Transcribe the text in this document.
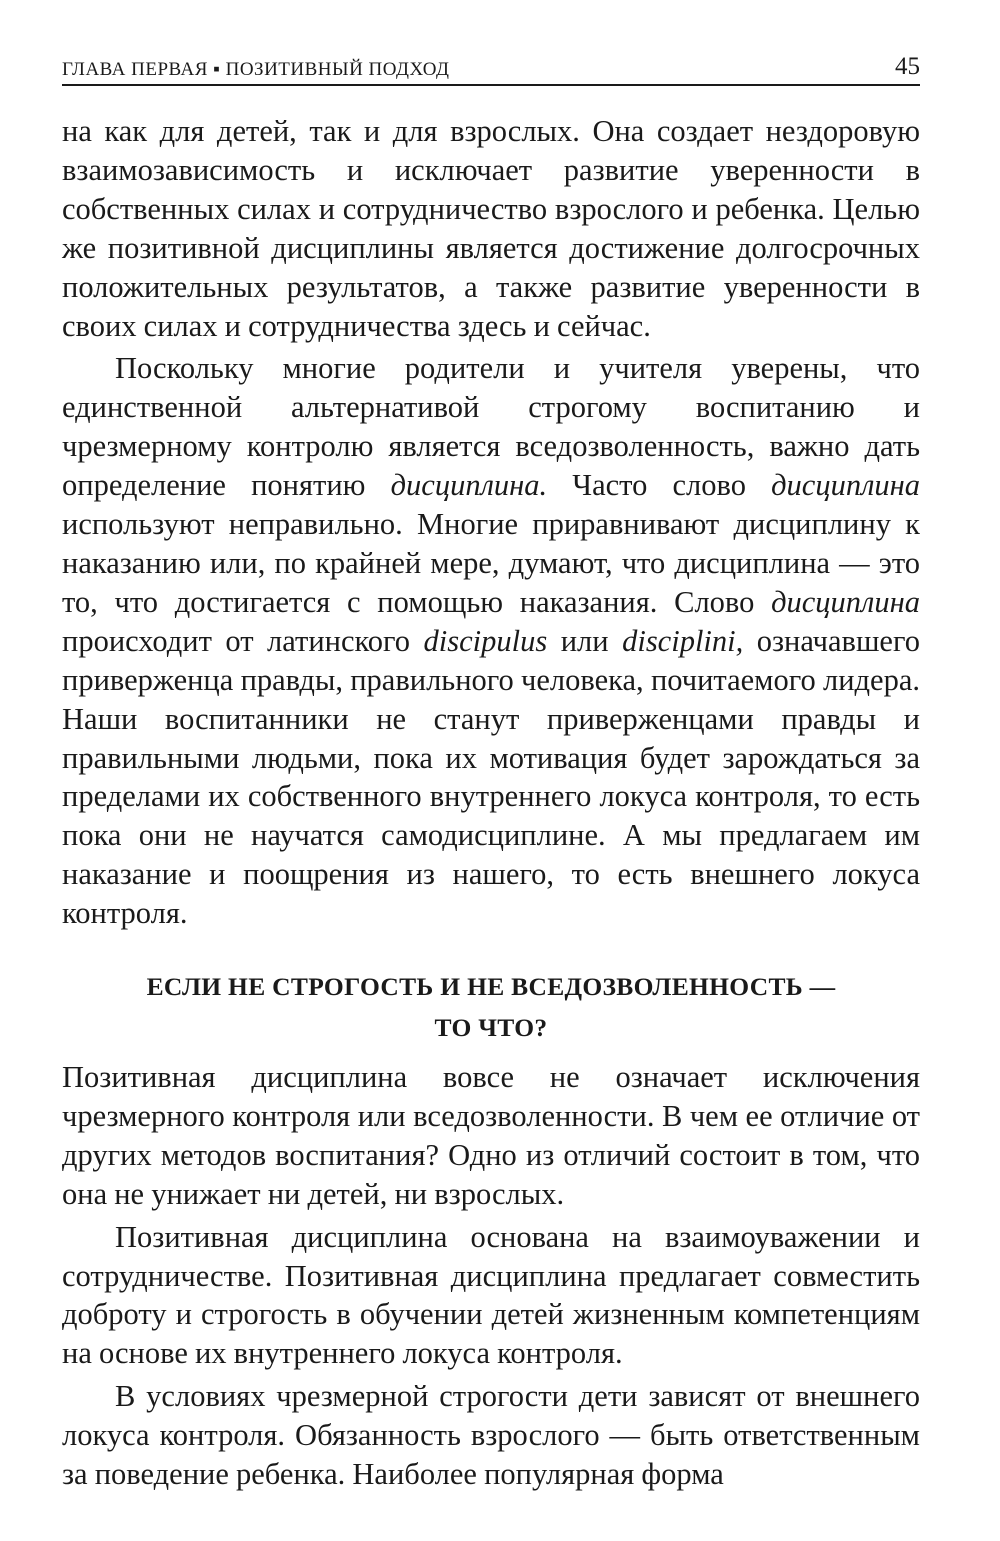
ГЛАВА ПЕРВАЯ ▪ ПОЗИТИВНЫЙ ПОДХОД	45

на как для детей, так и для взрослых. Она создает нездоровую взаимозависимость и исключает развитие уверенности в собственных силах и сотрудничество взрослого и ребенка. Целью же позитивной дисциплины является достижение долгосрочных положительных результатов, а также развитие уверенности в своих силах и сотрудничества здесь и сейчас.

Поскольку многие родители и учителя уверены, что единственной альтернативой строгому воспитанию и чрезмерному контролю является вседозволенность, важно дать определение понятию дисциплина. Часто слово дисциплина используют неправильно. Многие приравнивают дисциплину к наказанию или, по крайней мере, думают, что дисциплина — это то, что достигается с помощью наказания. Слово дисциплина происходит от латинского discipulus или disciplini, означавшего приверженца правды, правильного человека, почитаемого лидера. Наши воспитанники не станут приверженцами правды и правильными людьми, пока их мотивация будет зарождаться за пределами их собственного внутреннего локуса контроля, то есть пока они не научатся самодисциплине. А мы предлагаем им наказание и поощрения из нашего, то есть внешнего локуса контроля.

ЕСЛИ НЕ СТРОГОСТЬ И НЕ ВСЕДОЗВОЛЕННОСТЬ —
ТО ЧТО?

Позитивная дисциплина вовсе не означает исключения чрезмерного контроля или вседозволенности. В чем ее отличие от других методов воспитания? Одно из отличий состоит в том, что она не унижает ни детей, ни взрослых.

Позитивная дисциплина основана на взаимоуважении и сотрудничестве. Позитивная дисциплина предлагает совместить доброту и строгость в обучении детей жизненным компетенциям на основе их внутреннего локуса контроля.

В условиях чрезмерной строгости дети зависят от внешнего локуса контроля. Обязанность взрослого — быть ответственным за поведение ребенка. Наиболее популярная форма
